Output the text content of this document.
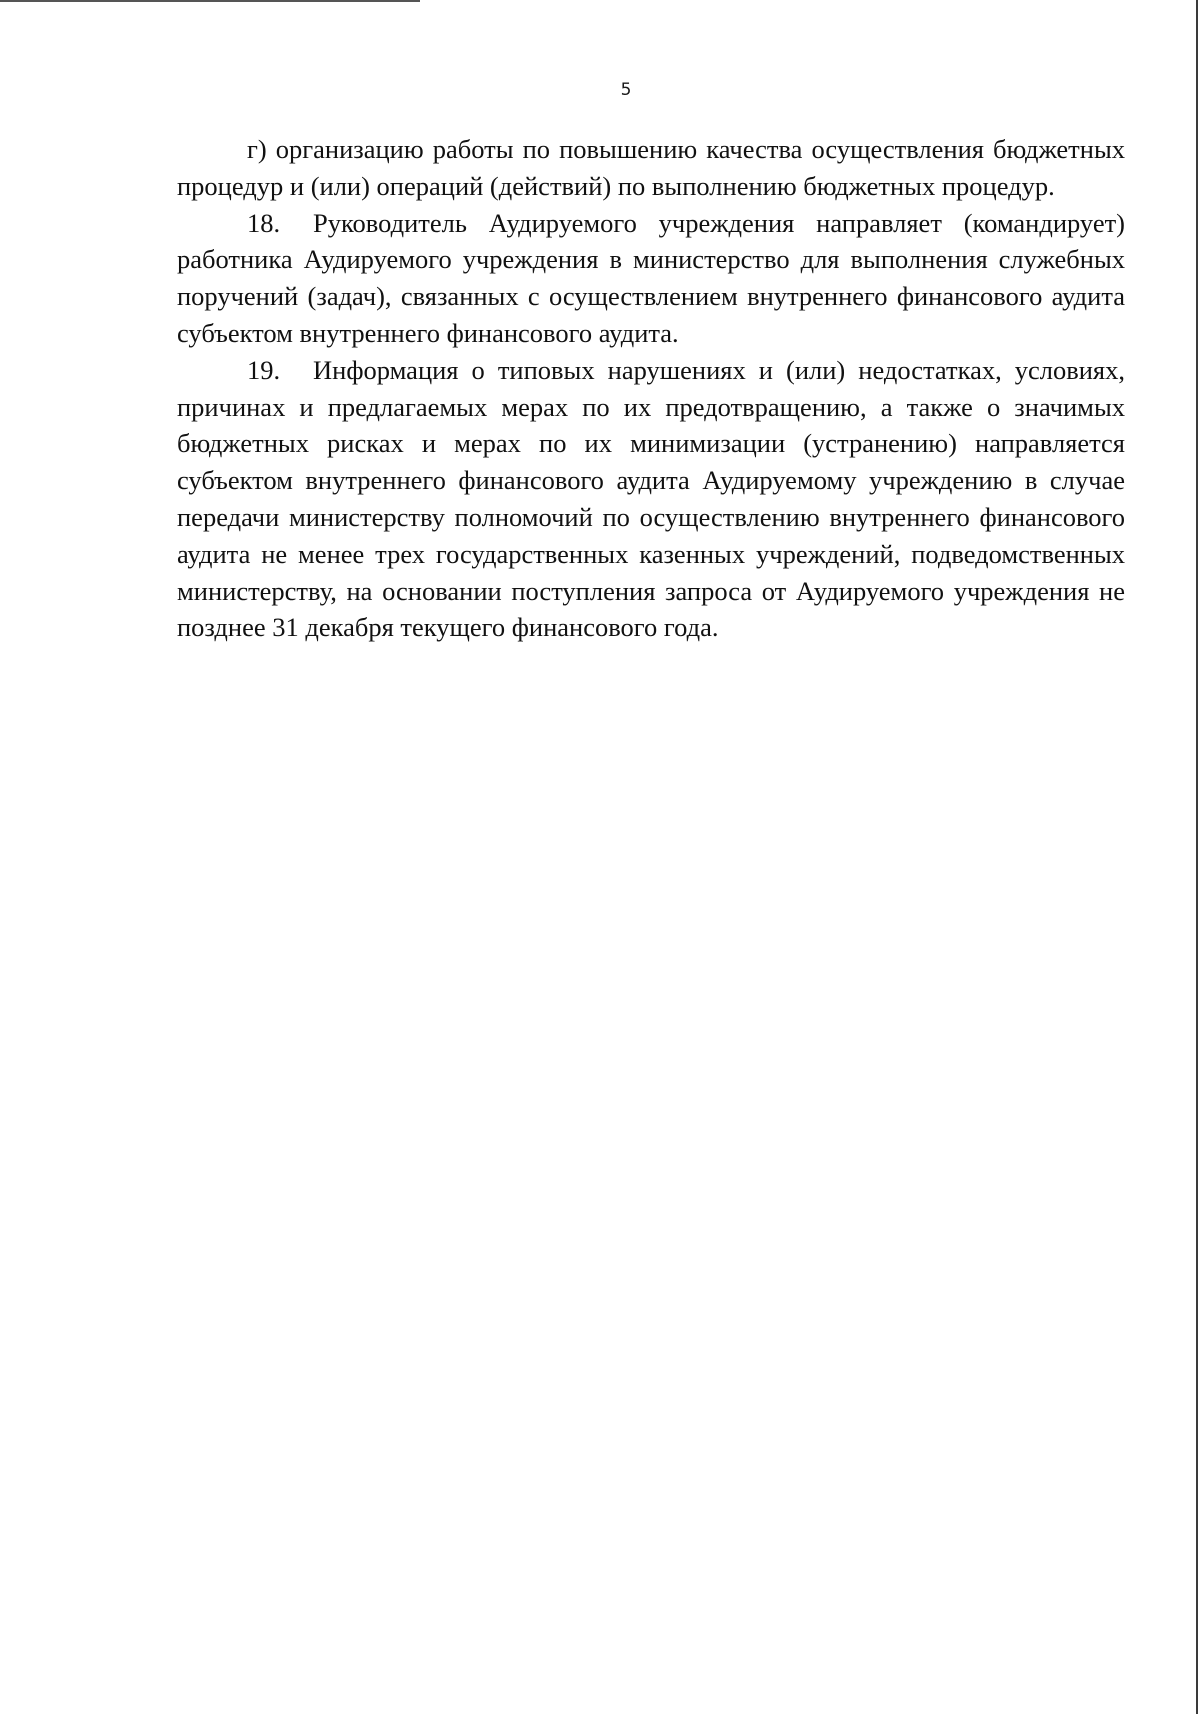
5

г) организацию работы по повышению качества осуществления бюджетных процедур и (или) операций (действий) по выполнению бюджетных процедур.

18. Руководитель Аудируемого учреждения направляет (командирует) работника Аудируемого учреждения в министерство для выполнения служебных поручений (задач), связанных с осуществлением внутреннего финансового аудита субъектом внутреннего финансового аудита.

19. Информация о типовых нарушениях и (или) недостатках, условиях, причинах и предлагаемых мерах по их предотвращению, а также о значимых бюджетных рисках и мерах по их минимизации (устранению) направляется субъектом внутреннего финансового аудита Аудируемому учреждению в случае передачи министерству полномочий по осуществлению внутреннего финансового аудита не менее трех государственных казенных учреждений, подведомственных министерству, на основании поступления запроса от Аудируемого учреждения не позднее 31 декабря текущего финансового года.
